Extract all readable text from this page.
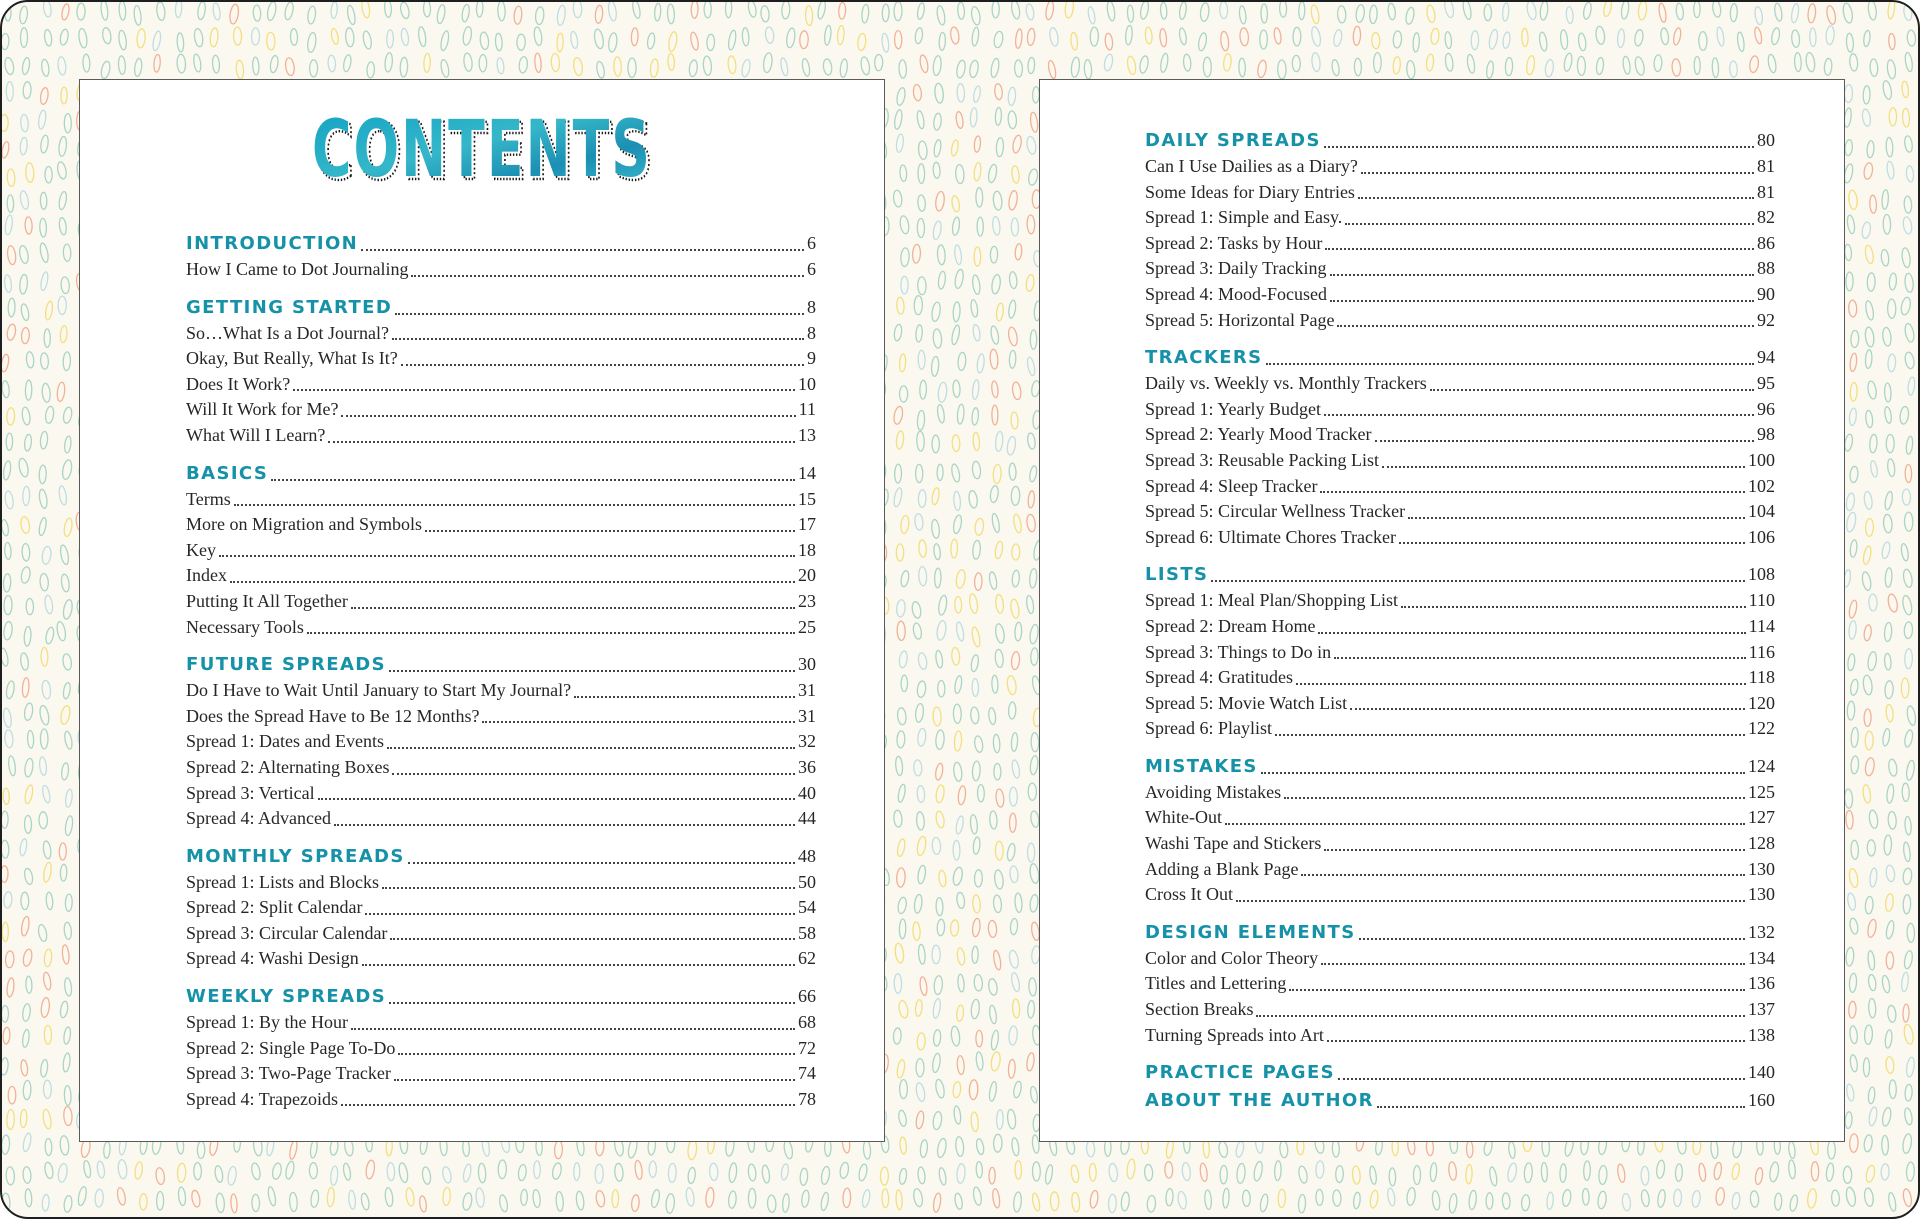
CONTENTS
CONTENTS
INTRODUCTION	6
How I Came to Dot Journaling	6
GETTING STARTED	8
So…What Is a Dot Journal?	8
Okay, But Really, What Is It?	9
Does It Work?	10
Will It Work for Me?	11
What Will I Learn?	13
BASICS	14
Terms	15
More on Migration and Symbols	17
Key	18
Index	20
Putting It All Together	23
Necessary Tools	25
FUTURE SPREADS	30
Do I Have to Wait Until January to Start My Journal?	31
Does the Spread Have to Be 12 Months?	31
Spread 1: Dates and Events	32
Spread 2: Alternating Boxes	36
Spread 3: Vertical	40
Spread 4: Advanced	44
MONTHLY SPREADS	48
Spread 1: Lists and Blocks	50
Spread 2: Split Calendar	54
Spread 3: Circular Calendar	58
Spread 4: Washi Design	62
WEEKLY SPREADS	66
Spread 1: By the Hour	68
Spread 2: Single Page To-Do	72
Spread 3: Two-Page Tracker	74
Spread 4: Trapezoids	78
DAILY SPREADS	80
Can I Use Dailies as a Diary?	81
Some Ideas for Diary Entries	81
Spread 1: Simple and Easy.	82
Spread 2: Tasks by Hour	86
Spread 3: Daily Tracking	88
Spread 4: Mood-Focused	90
Spread 5: Horizontal Page	92
TRACKERS	94
Daily vs. Weekly vs. Monthly Trackers	95
Spread 1: Yearly Budget	96
Spread 2: Yearly Mood Tracker	98
Spread 3: Reusable Packing List	100
Spread 4: Sleep Tracker	102
Spread 5: Circular Wellness Tracker	104
Spread 6: Ultimate Chores Tracker	106
LISTS	108
Spread 1: Meal Plan/Shopping List	110
Spread 2: Dream Home	114
Spread 3: Things to Do in	116
Spread 4: Gratitudes	118
Spread 5: Movie Watch List	120
Spread 6: Playlist	122
MISTAKES	124
Avoiding Mistakes	125
White-Out	127
Washi Tape and Stickers	128
Adding a Blank Page	130
Cross It Out	130
DESIGN ELEMENTS	132
Color and Color Theory	134
Titles and Lettering	136
Section Breaks	137
Turning Spreads into Art	138
PRACTICE PAGES	140
ABOUT THE AUTHOR	160
